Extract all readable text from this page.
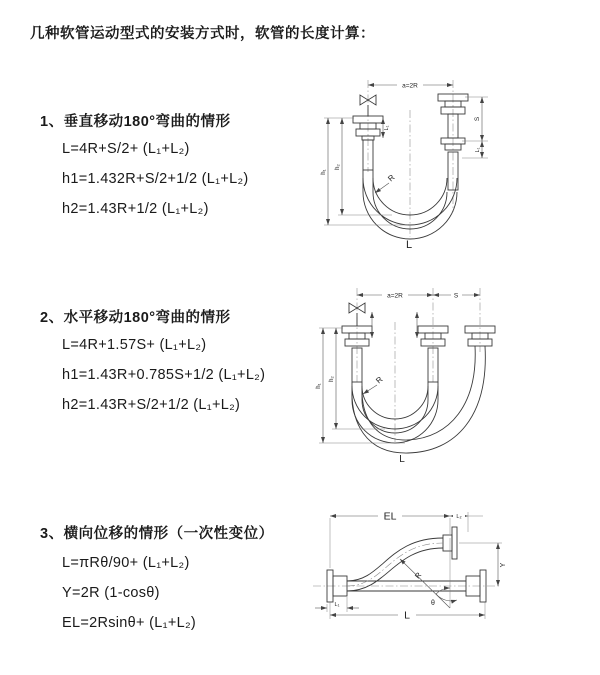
几种软管运动型式的安装方式时，软管的长度计算：
1、垂直移动180°弯曲的情形
L=4R+S/2+ (L₁+L₂)
h1=1.432R+S/2+1/2 (L₁+L₂)
h2=1.43R+1/2 (L₁+L₂)
2、水平移动180°弯曲的情形
L=4R+1.57S+ (L₁+L₂)
h1=1.43R+0.785S+1/2 (L₁+L₂)
h2=1.43R+S/2+1/2 (L₁+L₂)
3、横向位移的情形（一次性变位）
L=πRθ/90+ (L₁+L₂)
Y=2R (1-cosθ)
EL=2Rsinθ+ (L₁+L₂)
a=2R
L₁
h₁
h₂
S
L₁
R
L
a=2R	S
h₁
h₂	R
L
EL	L₂
Y
R
θ
L
L₁
